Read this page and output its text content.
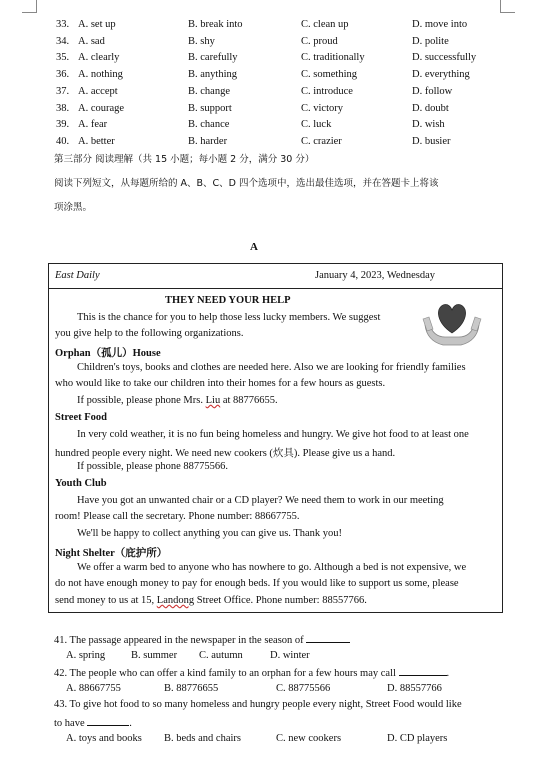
33. A. set up	B. break into	C. clean up	D. move into
34. A. sad	B. shy	C. proud	D. polite
35. A. clearly	B. carefully	C. traditionally	D. successfully
36. A. nothing	B. anything	C. something	D. everything
37. A. accept	B. change	C. introduce	D. follow
38. A. courage	B. support	C. victory	D. doubt
39. A. fear	B. chance	C. luck	D. wish
40. A. better	B. harder	C. crazier	D. busier
第三部分 阅读理解（共 15 小题；每小题 2 分，满分 30 分）
阅读下列短文，从每题所给的 A、B、C、D 四个选项中，选出最佳选项，并在答题卡上将该
项涂黑。
A
East Daily	January 4, 2023, Wednesday
THEY NEED YOUR HELP
This is the chance for you to help those less lucky members. We suggest
you give help to the following organizations.
Orphan（孤儿）House
Children's toys, books and clothes are needed here. Also we are looking for friendly families
who would like to take our children into their homes for a few hours as guests.
If possible, please phone Mrs. Liu at 88776655.
Street Food
In very cold weather, it is no fun being homeless and hungry. We give hot food to at least one
hundred people every night. We need new cookers (炊具). Please give us a hand.
If possible, please phone 88775566.
Youth Club
Have you got an unwanted chair or a CD player? We need them to work in our meeting
room! Please call the secretary. Phone number: 88667755.
We'll be happy to collect anything you can give us. Thank you!
Night Shelter（庇护所）
We offer a warm bed to anyone who has nowhere to go. Although a bed is not expensive, we
do not have enough money to pay for enough beds. If you would like to support us some, please
send money to us at 15, Landong Street Office. Phone number: 88557766.
41. The passage appeared in the newspaper in the season of
A. spring B. summer C. autumn	D. winter
42. The people who can offer a kind family to an orphan for a few hours may call	.
A. 88667755	B. 88776655	C. 88775566	D. 88557766
43. To give hot food to so many homeless and hungry people every night, Street Food would like
to have	.
A. toys and books B. beds and chairs	C. new cookers	D. CD players
